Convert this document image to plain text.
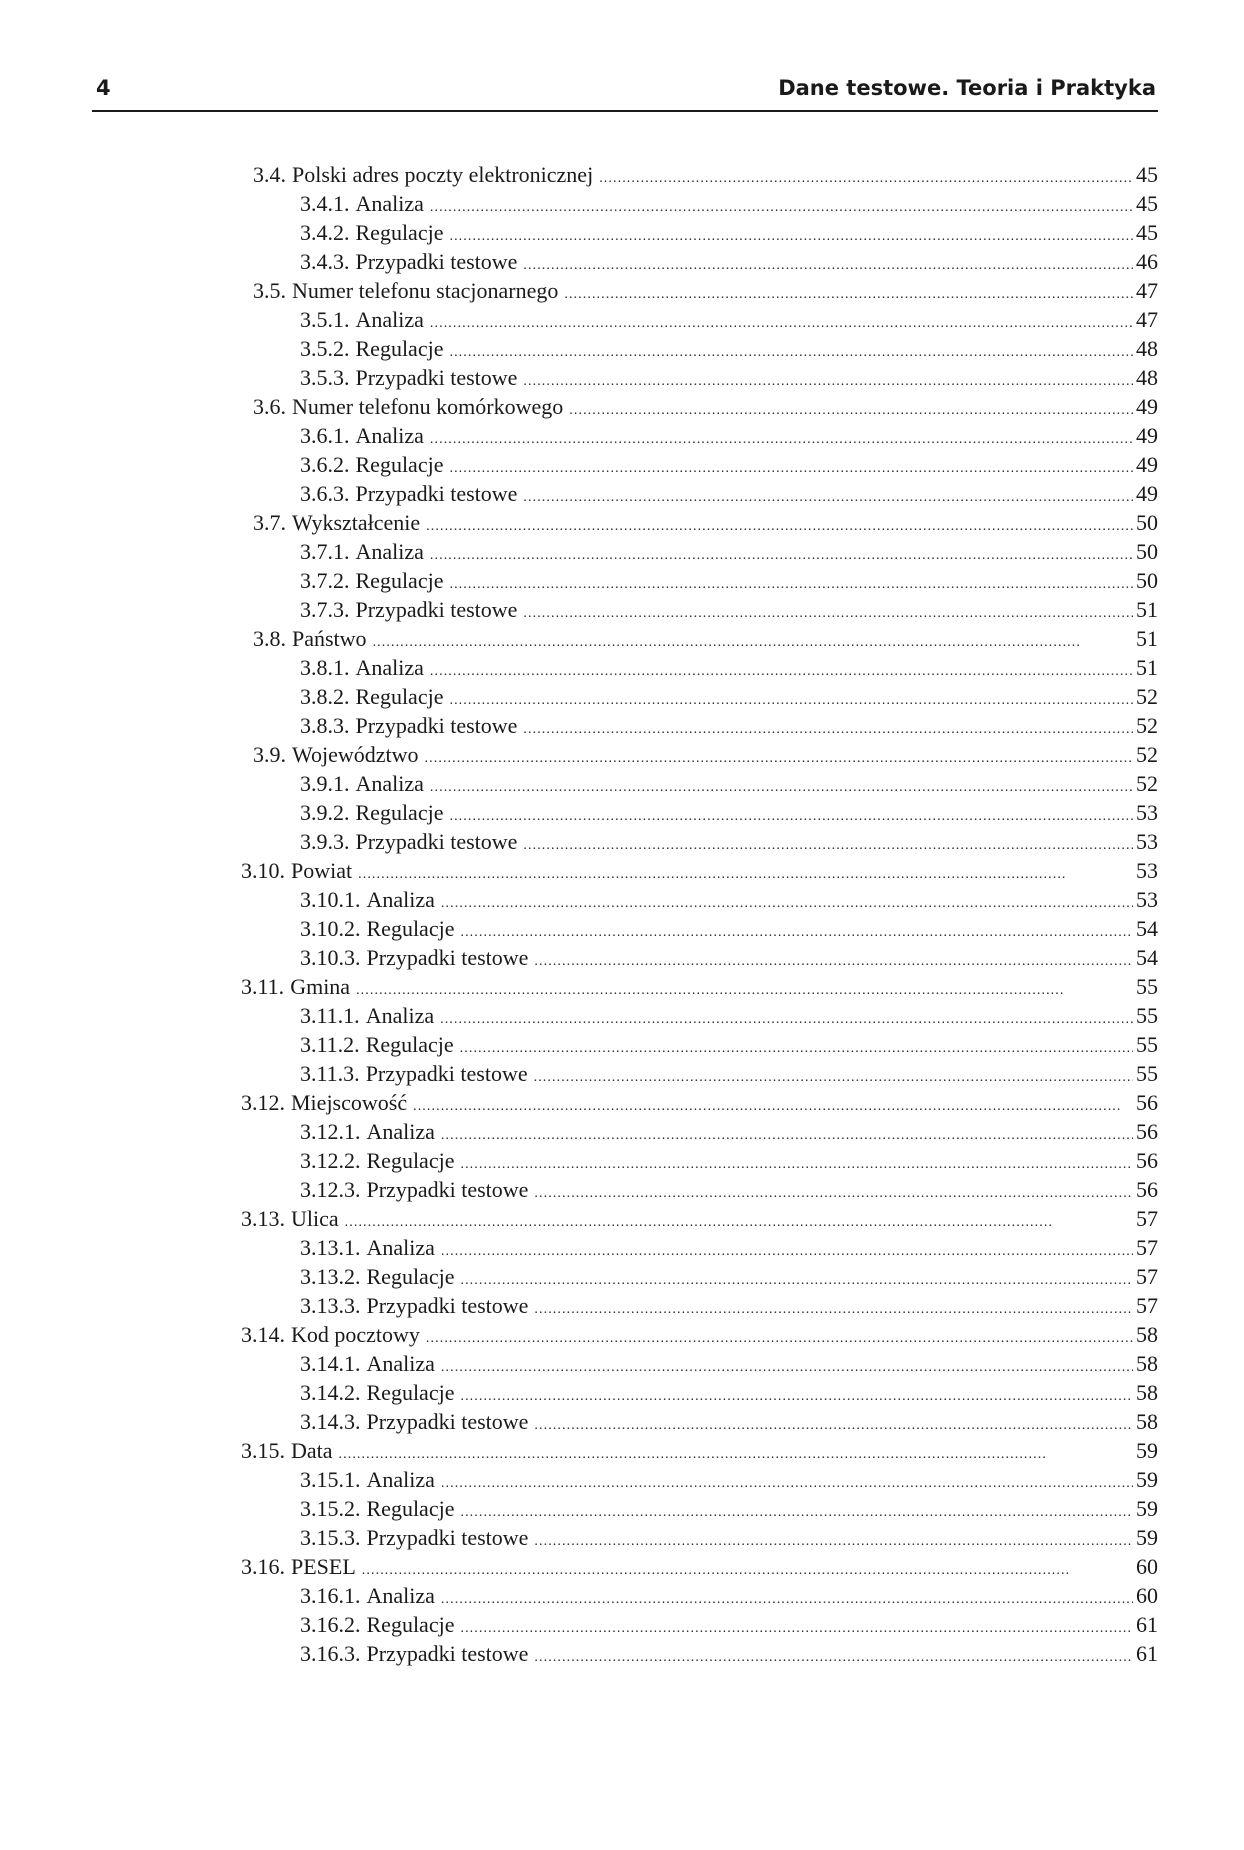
4	Dane testowe. Teoria i Praktyka
3.4. Polski adres poczty elektronicznej . . .	45
3.4.1. Analiza . . .	45
3.4.2. Regulacje . . .	45
3.4.3. Przypadki testowe . . .	46
3.5. Numer telefonu stacjonarnego . . .	47
3.5.1. Analiza . . .	47
3.5.2. Regulacje . . .	48
3.5.3. Przypadki testowe . . .	48
3.6. Numer telefonu komórkowego . . .	49
3.6.1. Analiza . . .	49
3.6.2. Regulacje . . .	49
3.6.3. Przypadki testowe . . .	49
3.7. Wykształcenie . . .	50
3.7.1. Analiza . . .	50
3.7.2. Regulacje . . .	50
3.7.3. Przypadki testowe . . .	51
3.8. Państwo . . .	51
3.8.1. Analiza . . .	51
3.8.2. Regulacje . . .	52
3.8.3. Przypadki testowe . . .	52
3.9. Województwo . . .	52
3.9.1. Analiza . . .	52
3.9.2. Regulacje . . .	53
3.9.3. Przypadki testowe . . .	53
3.10. Powiat . . .	53
3.10.1. Analiza . . .	53
3.10.2. Regulacje . . .	54
3.10.3. Przypadki testowe . . .	54
3.11. Gmina . . .	55
3.11.1. Analiza . . .	55
3.11.2. Regulacje . . .	55
3.11.3. Przypadki testowe . . .	55
3.12. Miejscowość . . .	56
3.12.1. Analiza . . .	56
3.12.2. Regulacje . . .	56
3.12.3. Przypadki testowe . . .	56
3.13. Ulica . . .	57
3.13.1. Analiza . . .	57
3.13.2. Regulacje . . .	57
3.13.3. Przypadki testowe . . .	57
3.14. Kod pocztowy . . .	58
3.14.1. Analiza . . .	58
3.14.2. Regulacje . . .	58
3.14.3. Przypadki testowe . . .	58
3.15. Data . . .	59
3.15.1. Analiza . . .	59
3.15.2. Regulacje . . .	59
3.15.3. Przypadki testowe . . .	59
3.16. PESEL . . .	60
3.16.1. Analiza . . .	60
3.16.2. Regulacje . . .	61
3.16.3. Przypadki testowe . . .	61
